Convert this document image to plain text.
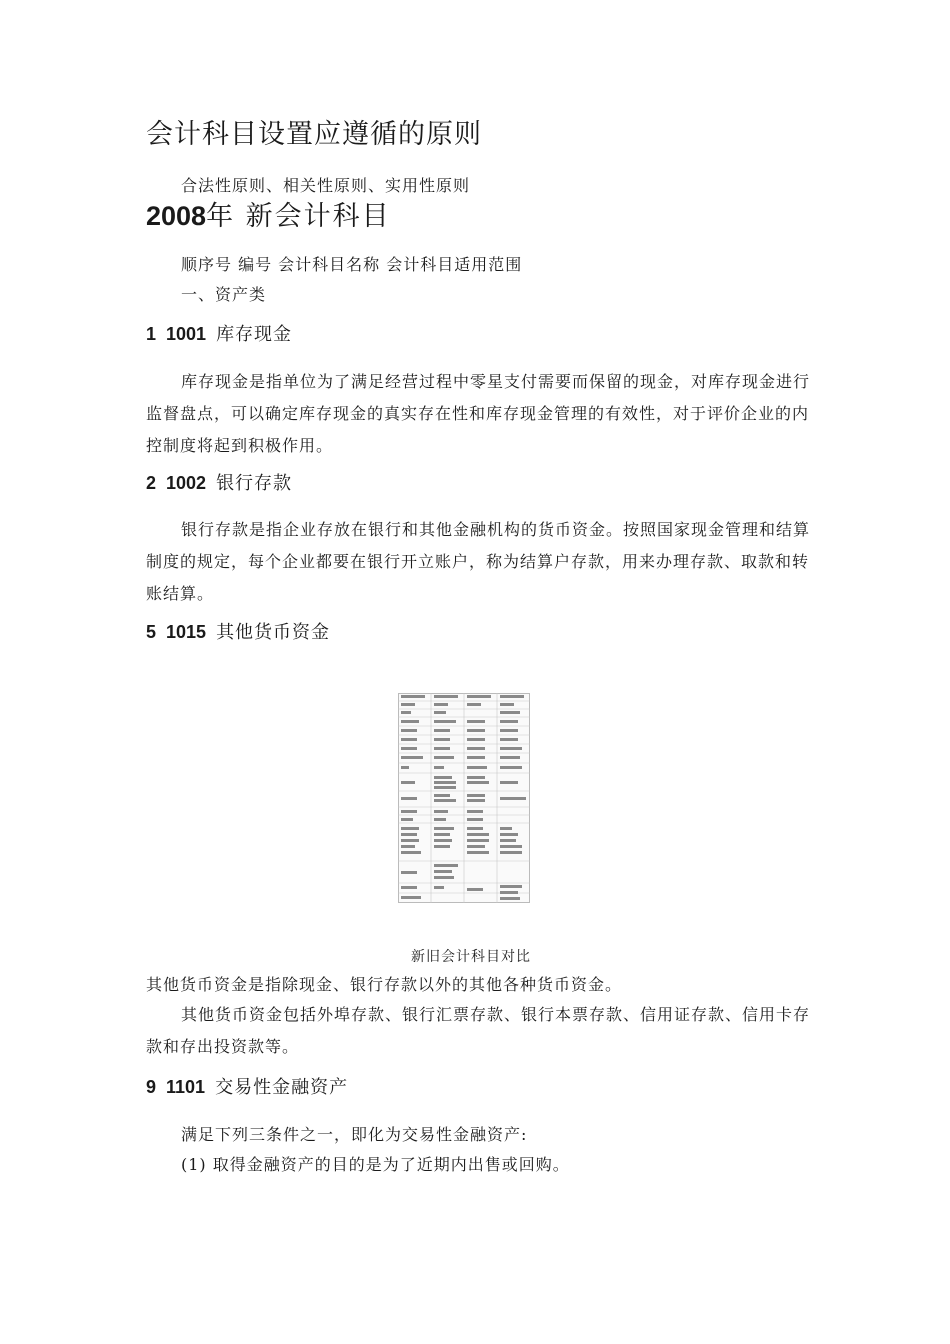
会计科目设置应遵循的原则
合法性原则、相关性原则、实用性原则
2008年 新会计科目
顺序号 编号 会计科目名称 会计科目适用范围
一、资产类
1 1001 库存现金

库存现金是指单位为了满足经营过程中零星支付需要而保留的现金，对库存现金进行监督盘点，可以确定库存现金的真实存在性和库存现金管理的有效性，对于评价企业的内控制度将起到积极作用。

2 1002 银行存款

银行存款是指企业存放在银行和其他金融机构的货币资金。按照国家现金管理和结算制度的规定，每个企业都要在银行开立账户，称为结算户存款，用来办理存款、取款和转账结算。

5 1015 其他货币资金
新旧会计科目对比

其他货币资金是指除现金、银行存款以外的其他各种货币资金。

其他货币资金包括外埠存款、银行汇票存款、银行本票存款、信用证存款、信用卡存款和存出投资款等。

9 1101 交易性金融资产

满足下列三条件之一，即化为交易性金融资产:

(1) 取得金融资产的目的是为了近期内出售或回购。
